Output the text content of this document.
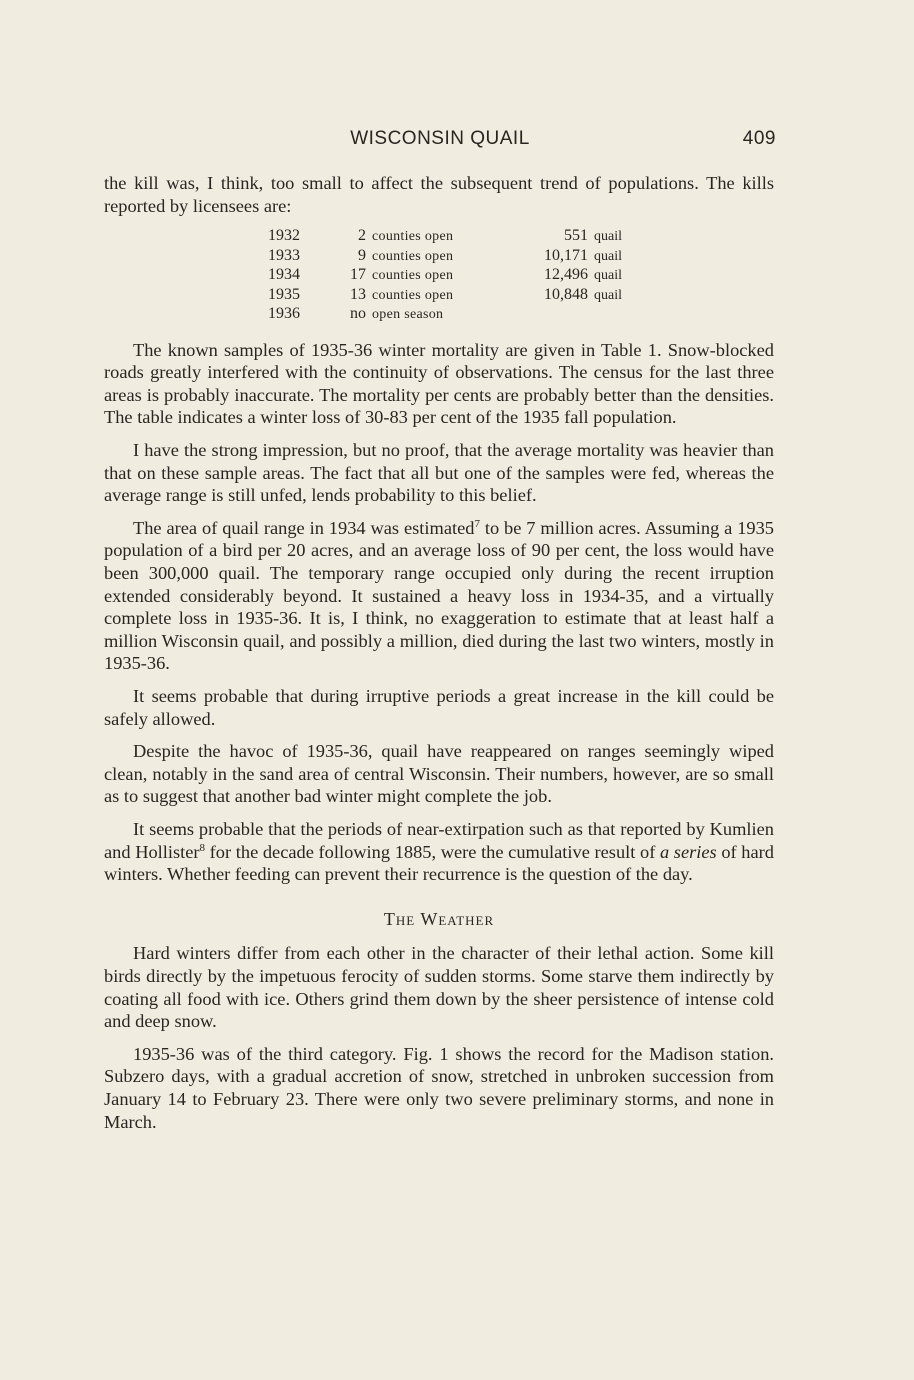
WISCONSIN QUAIL	409

the kill was, I think, too small to affect the subsequent trend of populations. The kills reported by licensees are:

1932	2	counties open	551	quail
1933	9	counties open	10,171	quail
1934	17	counties open	12,496	quail
1935	13	counties open	10,848	quail
1936	no	open season		

The known samples of 1935-36 winter mortality are given in Table 1. Snow-blocked roads greatly interfered with the continuity of observations. The census for the last three areas is probably inaccurate. The mortality per cents are probably better than the densities. The table indicates a winter loss of 30-83 per cent of the 1935 fall population.

I have the strong impression, but no proof, that the average mortality was heavier than that on these sample areas. The fact that all but one of the samples were fed, whereas the average range is still unfed, lends probability to this belief.

The area of quail range in 1934 was estimated$^7$ to be 7 million acres. Assuming a 1935 population of a bird per 20 acres, and an average loss of 90 per cent, the loss would have been 300,000 quail. The temporary range occupied only during the recent irruption extended considerably beyond. It sustained a heavy loss in 1934-35, and a virtually complete loss in 1935-36. It is, I think, no exaggeration to estimate that at least half a million Wisconsin quail, and possibly a million, died during the last two winters, mostly in 1935-36.

It seems probable that during irruptive periods a great increase in the kill could be safely allowed.

Despite the havoc of 1935-36, quail have reappeared on ranges seemingly wiped clean, notably in the sand area of central Wisconsin. Their numbers, however, are so small as to suggest that another bad winter might complete the job.

It seems probable that the periods of near-extirpation such as that reported by Kumlien and Hollister$^8$ for the decade following 1885, were the cumulative result of a series of hard winters. Whether feeding can prevent their recurrence is the question of the day.

The Weather

Hard winters differ from each other in the character of their lethal action. Some kill birds directly by the impetuous ferocity of sudden storms. Some starve them indirectly by coating all food with ice. Others grind them down by the sheer persistence of intense cold and deep snow.

1935-36 was of the third category. Fig. 1 shows the record for the Madison station. Subzero days, with a gradual accretion of snow, stretched in unbroken succession from January 14 to February 23. There were only two severe preliminary storms, and none in March.
